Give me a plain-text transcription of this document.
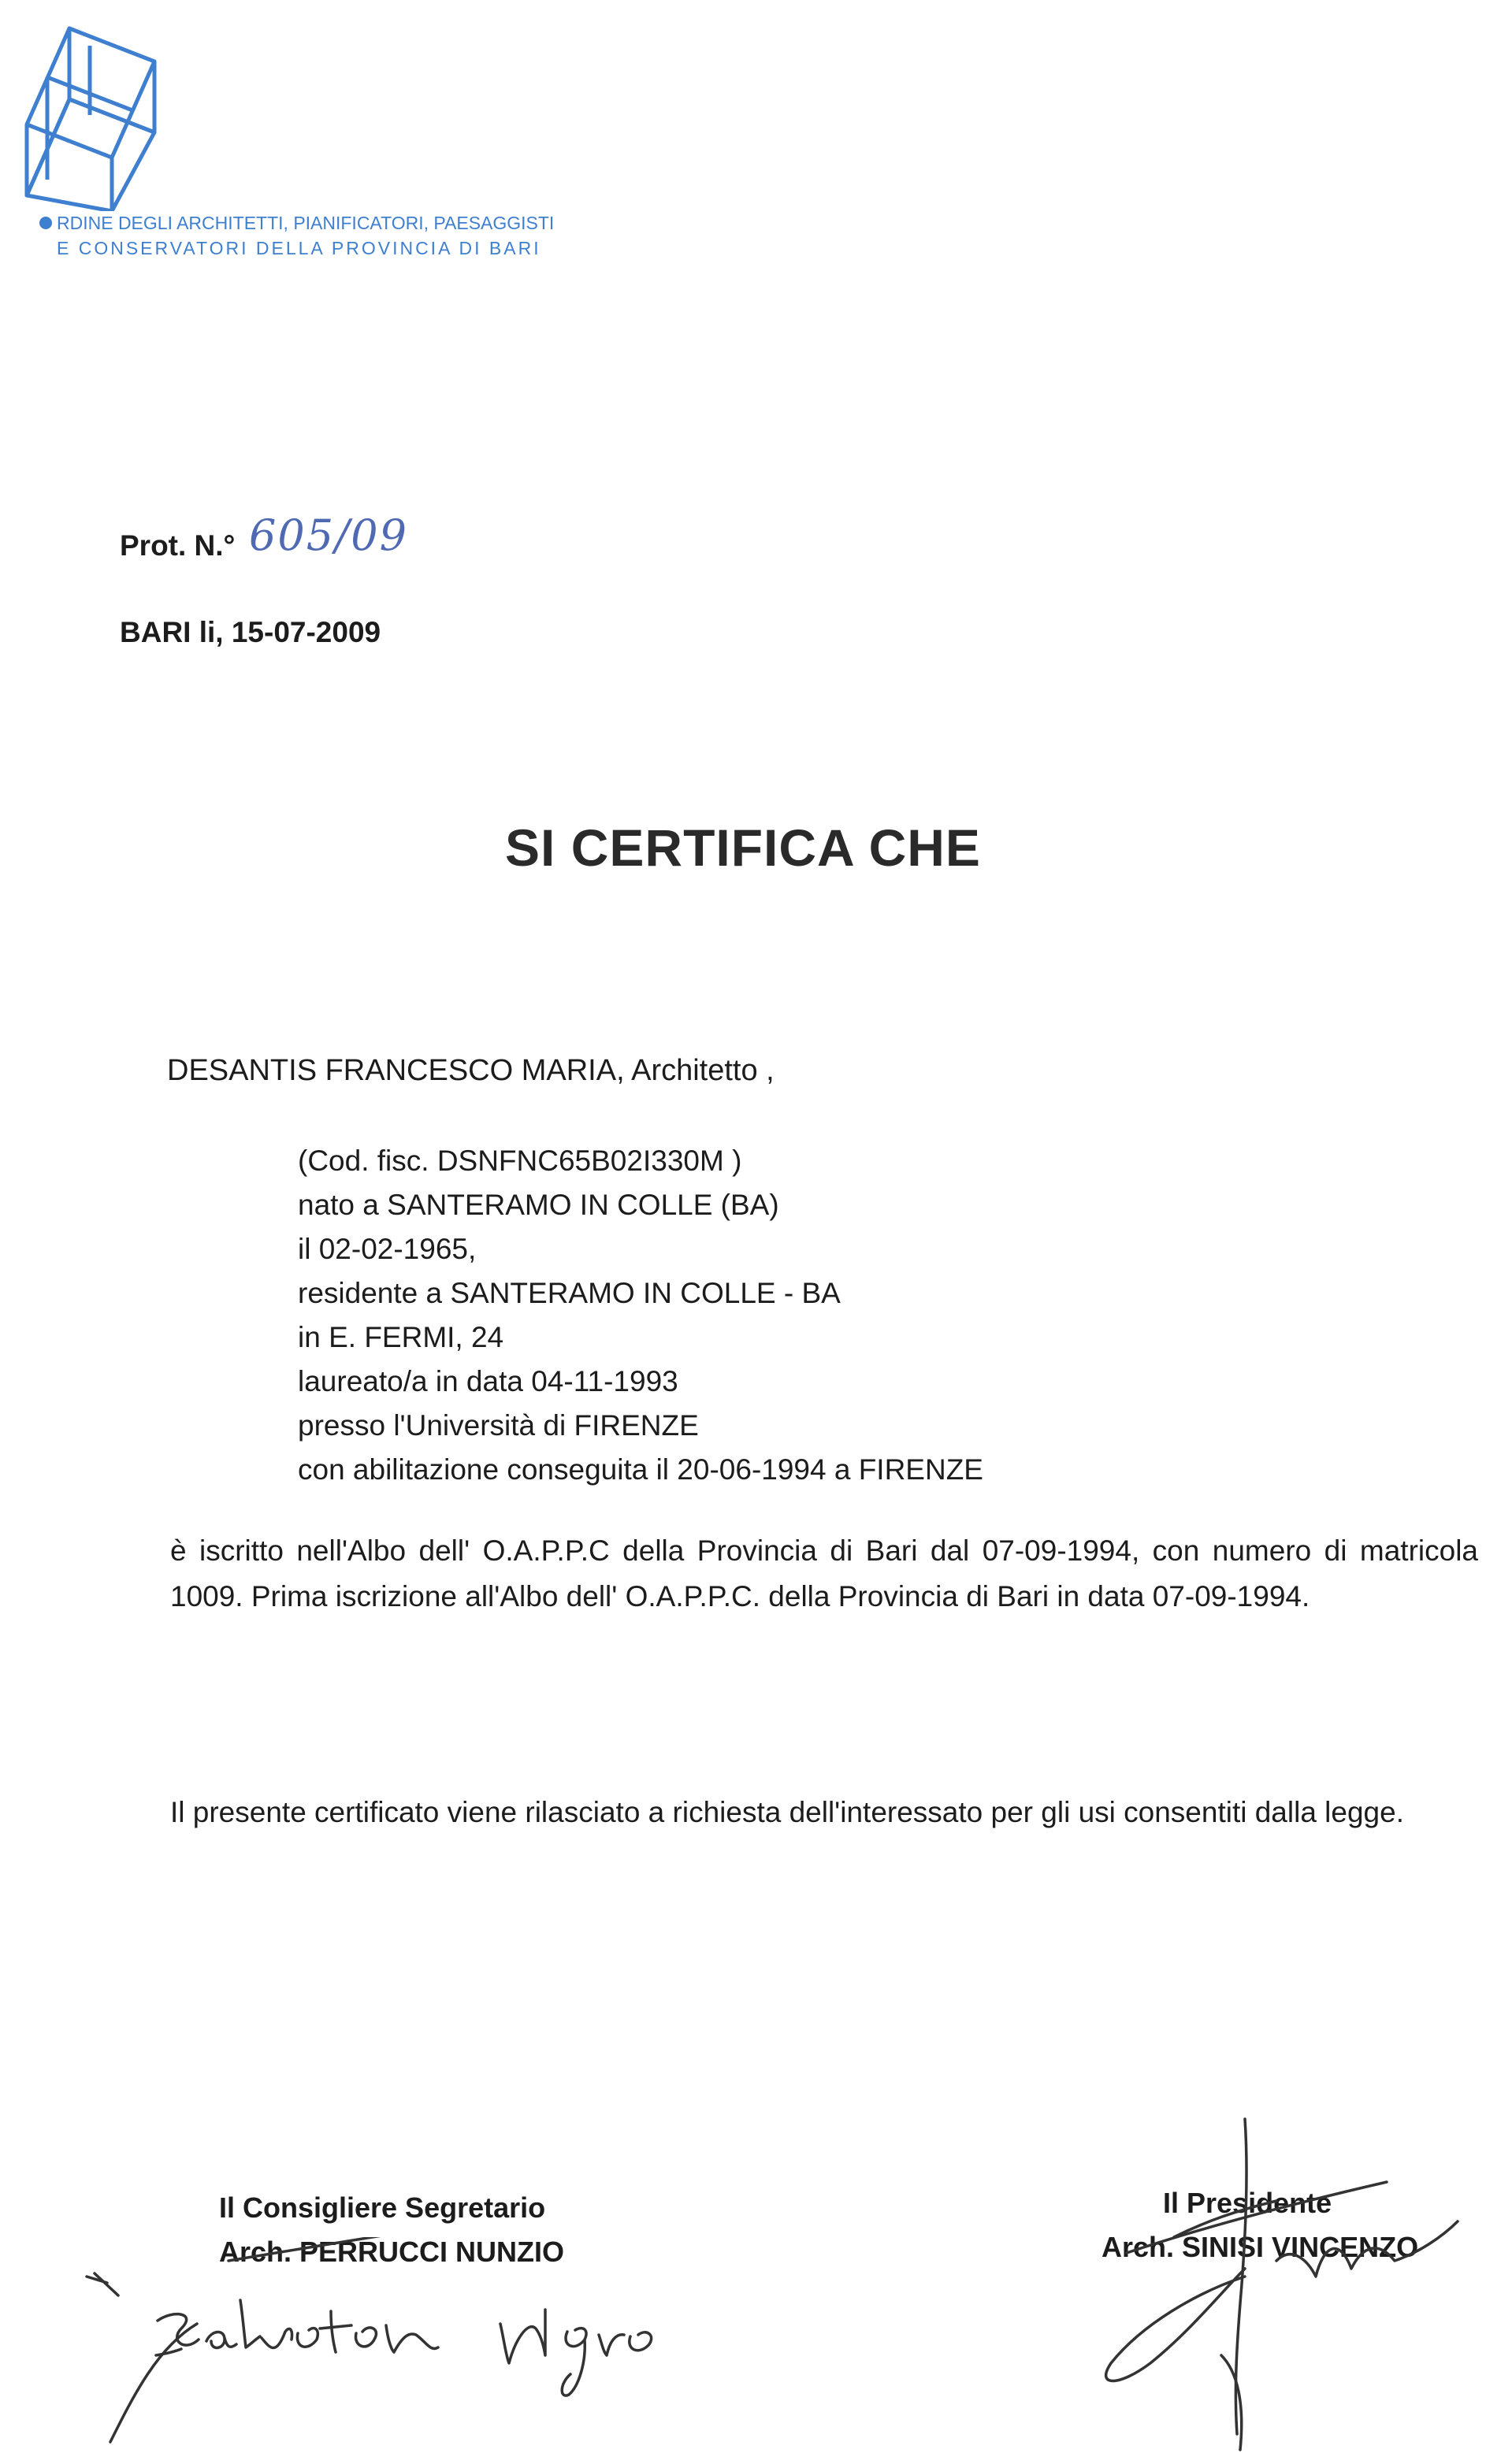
RDINE DEGLI ARCHITETTI, PIANIFICATORI, PAESAGGISTI
E CONSERVATORI DELLA PROVINCIA DI BARI
Prot. N.° 605/09
BARI li, 15-07-2009
SI CERTIFICA CHE
DESANTIS FRANCESCO MARIA, Architetto ,
(Cod. fisc. DSNFNC65B02I330M )
nato a SANTERAMO IN COLLE (BA)
il 02-02-1965,
residente a SANTERAMO IN COLLE - BA
in E. FERMI, 24
laureato/a in data 04-11-1993
presso l'Università di FIRENZE
con abilitazione conseguita il 20-06-1994 a FIRENZE
è iscritto nell'Albo dell' O.A.P.P.C della Provincia di Bari dal 07-09-1994, con numero di matricola 1009. Prima iscrizione all'Albo dell' O.A.P.P.C. della Provincia di Bari in data 07-09-1994.
Il presente certificato viene rilasciato a richiesta dell'interessato per gli usi consentiti dalla legge.
Il Consigliere Segretario
Arch. PERRUCCI NUNZIO
Il Presidente
Arch. SINISI VINCENZO
